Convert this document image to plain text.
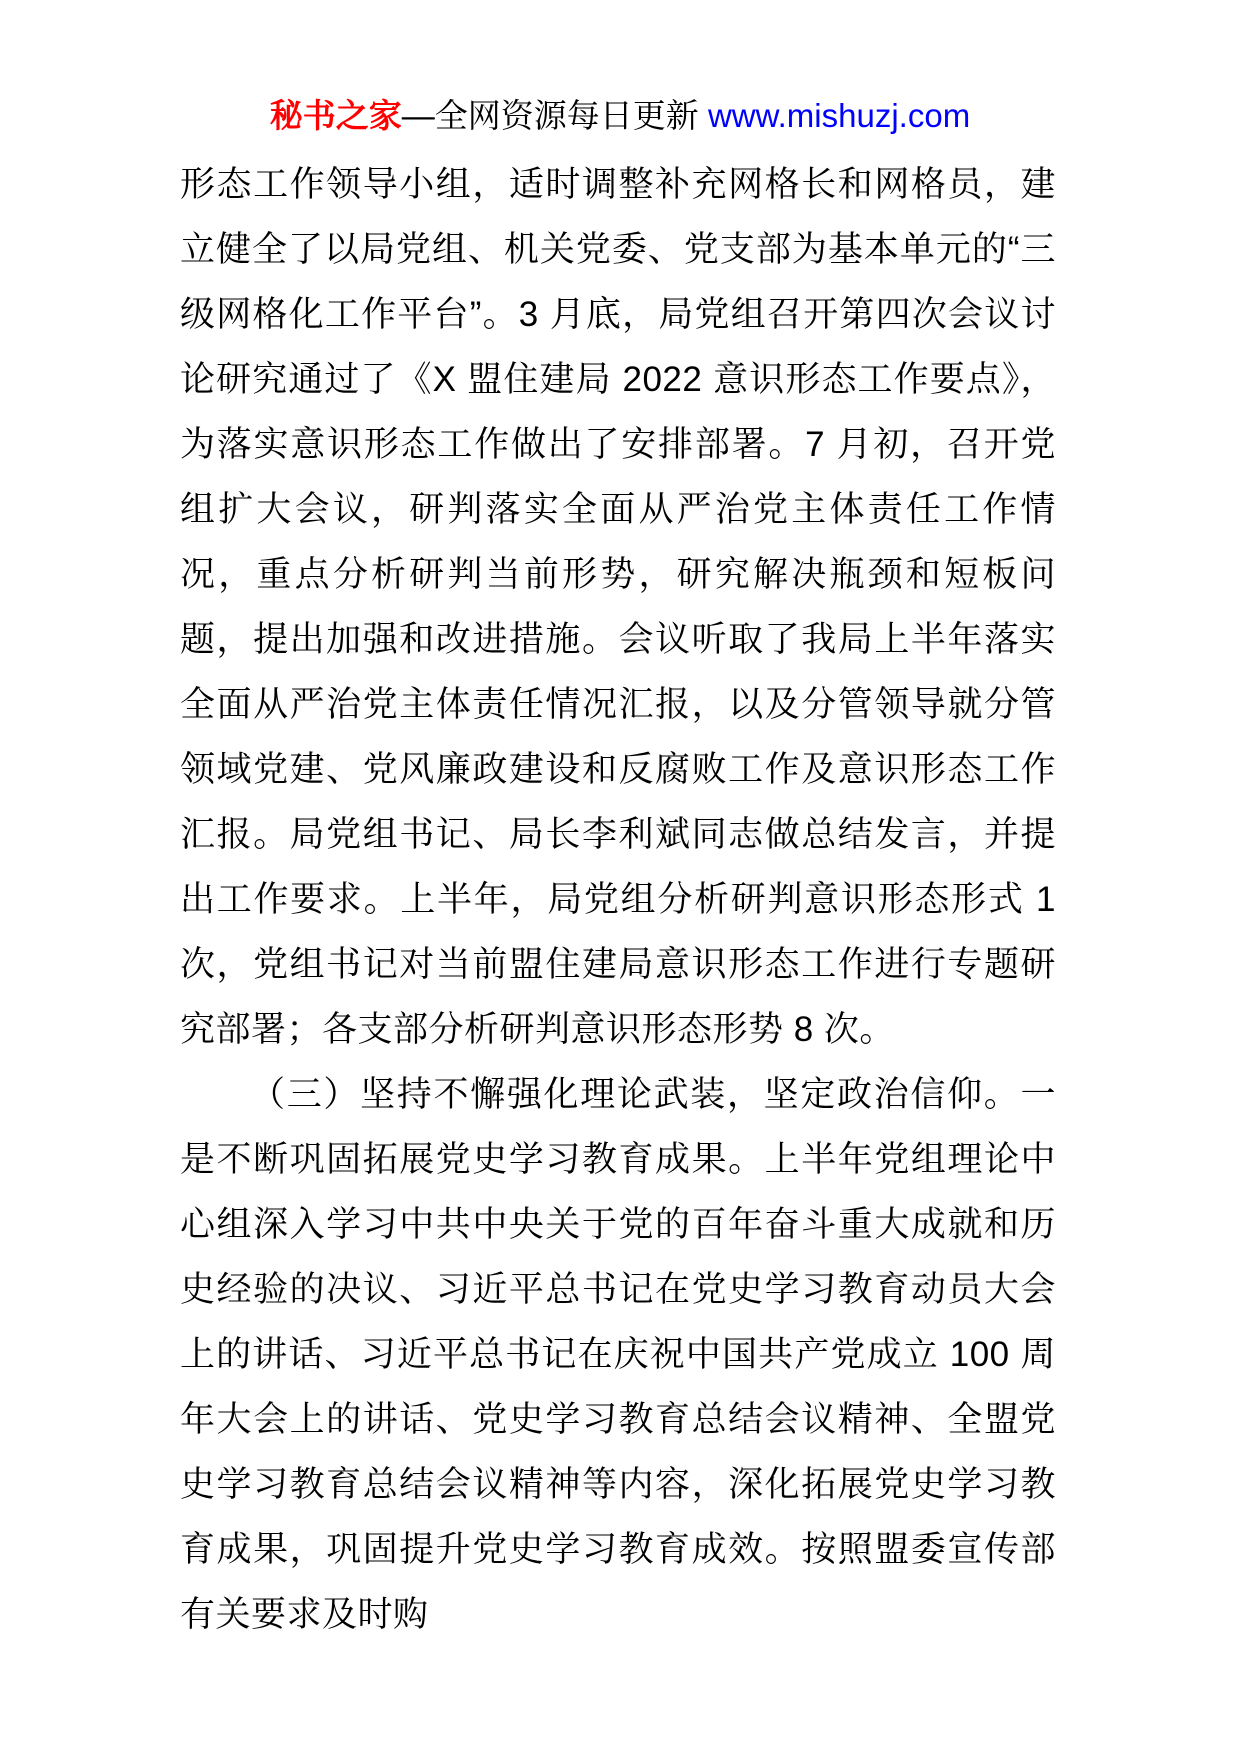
秘书之家—全网资源每日更新 www.mishuzj.com

形态工作领导小组，适时调整补充网格长和网格员，建立健全了以局党组、机关党委、党支部为基本单元的“三级网格化工作平台”。3 月底，局党组召开第四次会议讨论研究通过了《X 盟住建局 2022 意识形态工作要点》，为落实意识形态工作做出了安排部署。7 月初，召开党组扩大会议，研判落实全面从严治党主体责任工作情况，重点分析研判当前形势，研究解决瓶颈和短板问题，提出加强和改进措施。会议听取了我局上半年落实全面从严治党主体责任情况汇报，以及分管领导就分管领域党建、党风廉政建设和反腐败工作及意识形态工作汇报。局党组书记、局长李利斌同志做总结发言，并提出工作要求。上半年，局党组分析研判意识形态形式 1 次，党组书记对当前盟住建局意识形态工作进行专题研究部署；各支部分析研判意识形态形势 8 次。

（三）坚持不懈强化理论武装，坚定政治信仰。一是不断巩固拓展党史学习教育成果。上半年党组理论中心组深入学习中共中央关于党的百年奋斗重大成就和历史经验的决议、习近平总书记在党史学习教育动员大会上的讲话、习近平总书记在庆祝中国共产党成立 100 周年大会上的讲话、党史学习教育总结会议精神、全盟党史学习教育总结会议精神等内容，深化拓展党史学习教育成果，巩固提升党史学习教育成效。按照盟委宣传部有关要求及时购
